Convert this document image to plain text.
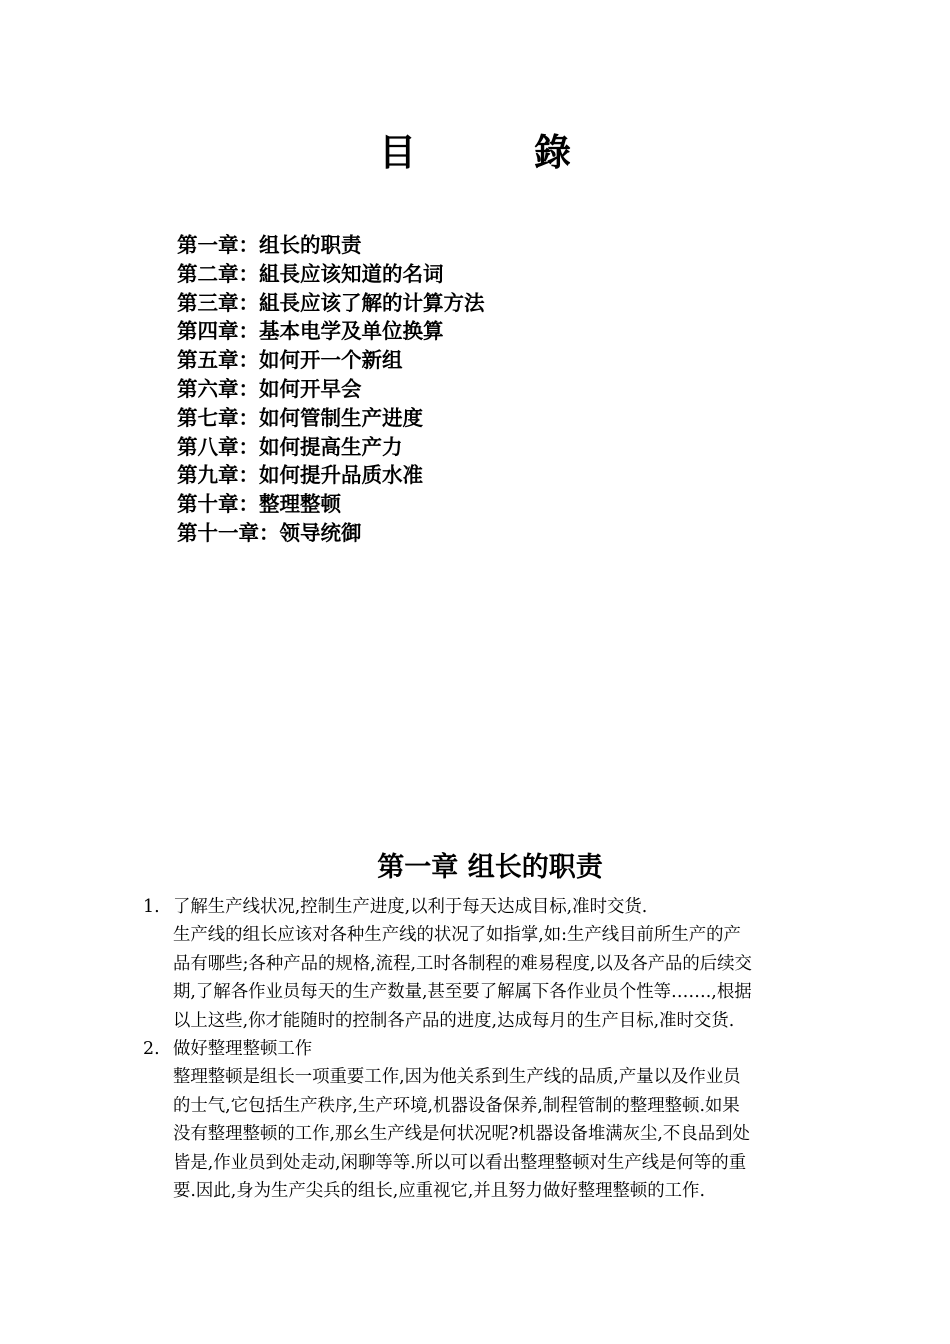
目	錄
第一章：组长的职责
第二章：組長应该知道的名词
第三章：組長应该了解的计算方法
第四章：基本电学及单位换算
第五章：如何开一个新组
第六章：如何开早会
第七章：如何管制生产进度
第八章：如何提高生产力
第九章：如何提升品质水准
第十章：整理整顿
第十一章：领导统御
第一章 组长的职责
1. 了解生产线状况,控制生产进度,以利于每天达成目标,准时交货.
生产线的组长应该对各种生产线的状况了如指掌,如:生产线目前所生产的产
品有哪些;各种产品的规格,流程,工时各制程的难易程度,以及各产品的后续交
期,了解各作业员每天的生产数量,甚至要了解属下各作业员个性等…….,根据
以上这些,你才能随时的控制各产品的进度,达成每月的生产目标,准时交货.
2. 做好整理整顿工作
整理整顿是组长一项重要工作,因为他关系到生产线的品质,产量以及作业员
的士气,它包括生产秩序,生产环境,机器设备保养,制程管制的整理整顿.如果
没有整理整顿的工作,那幺生产线是何状况呢?机器设备堆满灰尘,不良品到处
皆是,作业员到处走动,闲聊等等.所以可以看出整理整顿对生产线是何等的重
要.因此,身为生产尖兵的组长,应重视它,并且努力做好整理整顿的工作.
